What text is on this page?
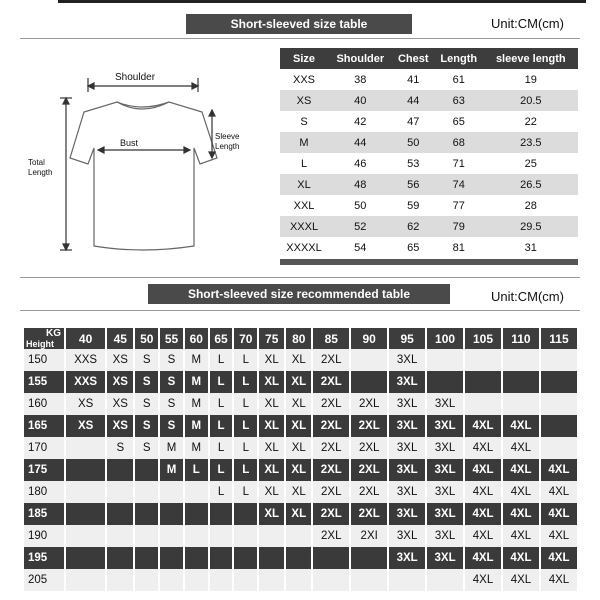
Short-sleeved size table	Unit:CM(cm)
Shoulder
Bust
Sleeve
Length
Total
Length
Size	Shoulder	Chest	Length	sleeve length
XXS	38	41	61	19
XS	40	44	63	20.5
S	42	47	65	22
M	44	50	68	23.5
L	46	53	71	25
XL	48	56	74	26.5
XXL	50	59	77	28
XXXL	52	62	79	29.5
XXXXL	54	65	81	31
Short-sleeved size recommended table	Unit:CM(cm)
KG
Height	40	45	50	55	60	65	70	75	80	85	90	95	100	105	110	115
150	XXS	XS	S	S	M	L	L	XL	XL	2XL		3XL				
155	XXS	XS	S	S	M	L	L	XL	XL	2XL		3XL				
160	XS	XS	S	S	M	L	L	XL	XL	2XL	2XL	3XL	3XL			
165	XS	XS	S	S	M	L	L	XL	XL	2XL	2XL	3XL	3XL	4XL	4XL	
170		S	S	M	M	L	L	XL	XL	2XL	2XL	3XL	3XL	4XL	4XL	
175				M	L	L	L	XL	XL	2XL	2XL	3XL	3XL	4XL	4XL	4XL
180						L	L	XL	XL	2XL	2XL	3XL	3XL	4XL	4XL	4XL
185								XL	XL	2XL	2XL	3XL	3XL	4XL	4XL	4XL
190										2XL	2XI	3XL	3XL	4XL	4XL	4XL
195												3XL	3XL	4XL	4XL	4XL
205														4XL	4XL	4XL
